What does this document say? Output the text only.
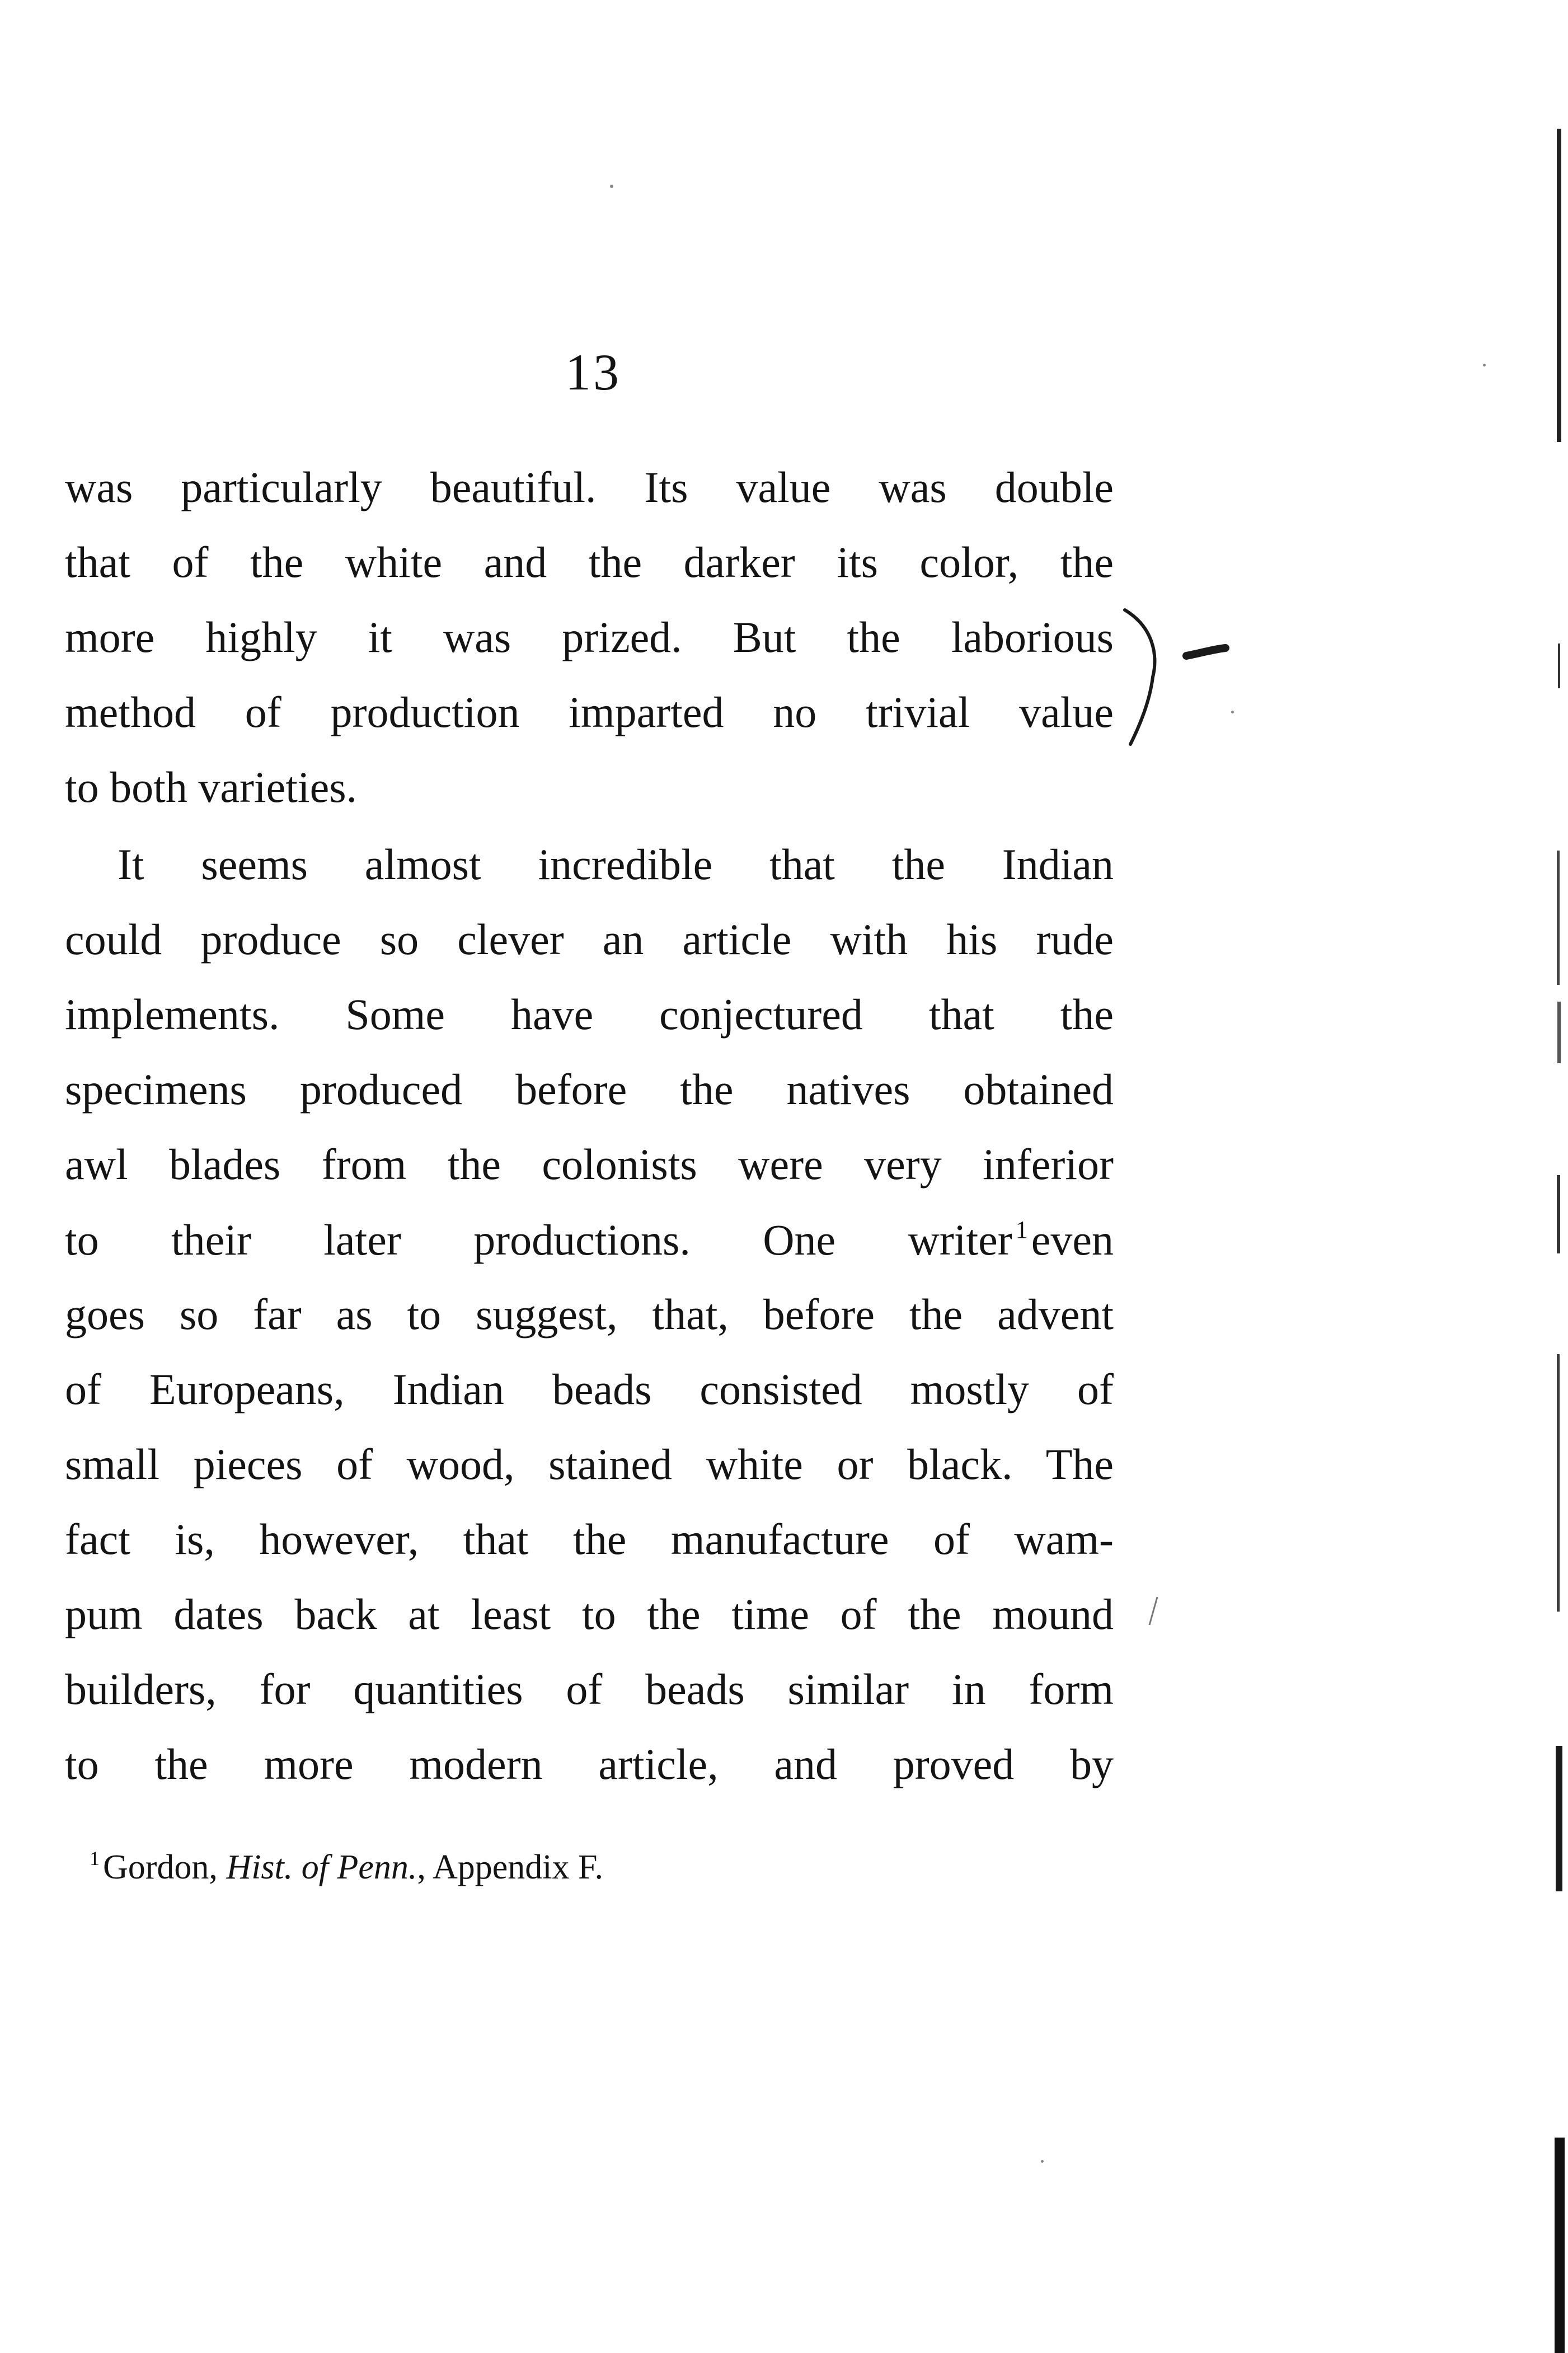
13
was particularly beautiful. Its value was double
that of the white and the darker its color, the
more highly it was prized. But the laborious
method of production imparted no trivial value
to both varieties.
It seems almost incredible that the Indian
could produce so clever an article with his rude
implements. Some have conjectured that the
specimens produced before the natives obtained
awl blades from the colonists were very inferior
to their later productions. One writer $^1$even
goes so far as to suggest, that, before the advent
of Europeans, Indian beads consisted mostly of
small pieces of wood, stained white or black. The
fact is, however, that the manufacture of wam-
pum dates back at least to the time of the mound
builders, for quantities of beads similar in form
to the more modern article, and proved by
$^1$Gordon, Hist. of Penn., Appendix F.
